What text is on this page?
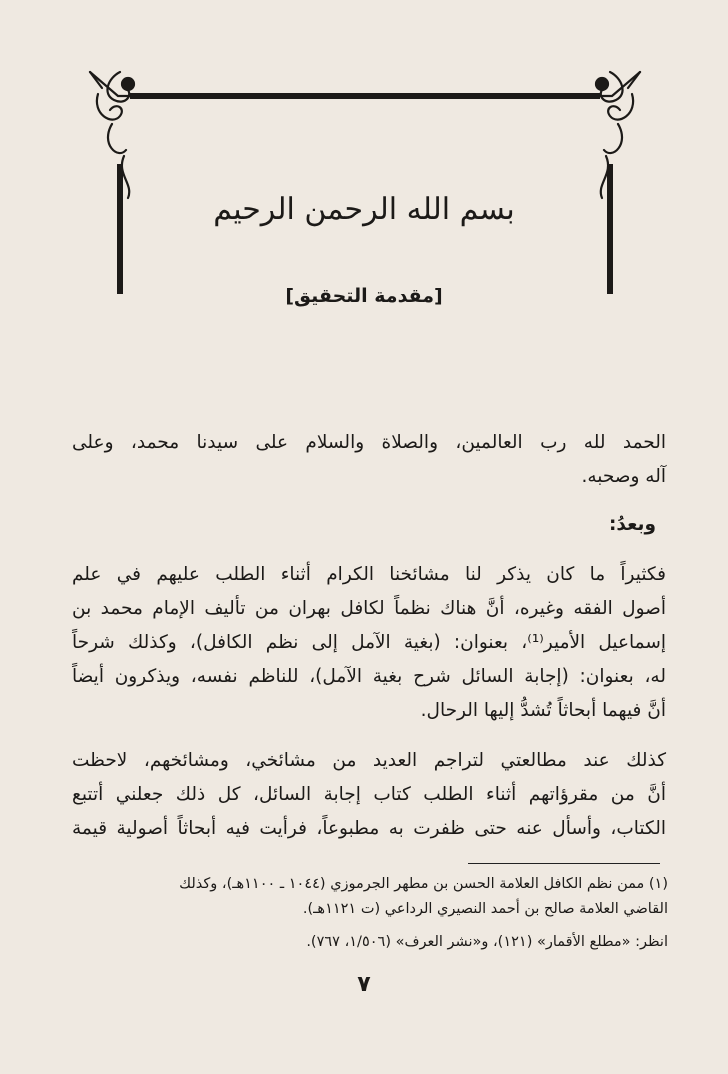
بسم الله الرحمن الرحيم
[مقدمة التحقيق]
الحمد لله رب العالمين، والصلاة والسلام على سيدنا محمد، وعلى
آله وصحبه.
وبعدُ:
فكثيراً ما كان يذكر لنا مشائخنا الكرام أثناء الطلب عليهم في علم
أصول الفقه وغيره، أنَّ هناك نظماً لكافل بهران من تأليف الإمام محمد بن
إسماعيل الأمير⁽¹⁾، بعنوان: (بغية الآمل إلى نظم الكافل)، وكذلك شرحاً
له، بعنوان: (إجابة السائل شرح بغية الآمل)، للناظم نفسه، ويذكرون أيضاً
أنَّ فيهما أبحاثاً تُشدُّ إليها الرحال.
كذلك عند مطالعتي لتراجم العديد من مشائخي، ومشائخهم، لاحظت
أنَّ من مقرؤاتهم أثناء الطلب كتاب إجابة السائل، كل ذلك جعلني أتتبع
الكتاب، وأسأل عنه حتى ظفرت به مطبوعاً، فرأيت فيه أبحاثاً أصولية قيمة
(١) ممن نظم الكافل العلامة الحسن بن مطهر الجرموزي (١٠٤٤ ـ ١١٠٠هـ)، وكذلك
القاضي العلامة صالح بن أحمد النصيري الرداعي (ت ١١٢١هـ).
انظر: «مطلع الأقمار» (١٢١)، و«نشر العرف» (١/٥٠٦، ٧٦٧).
٧
